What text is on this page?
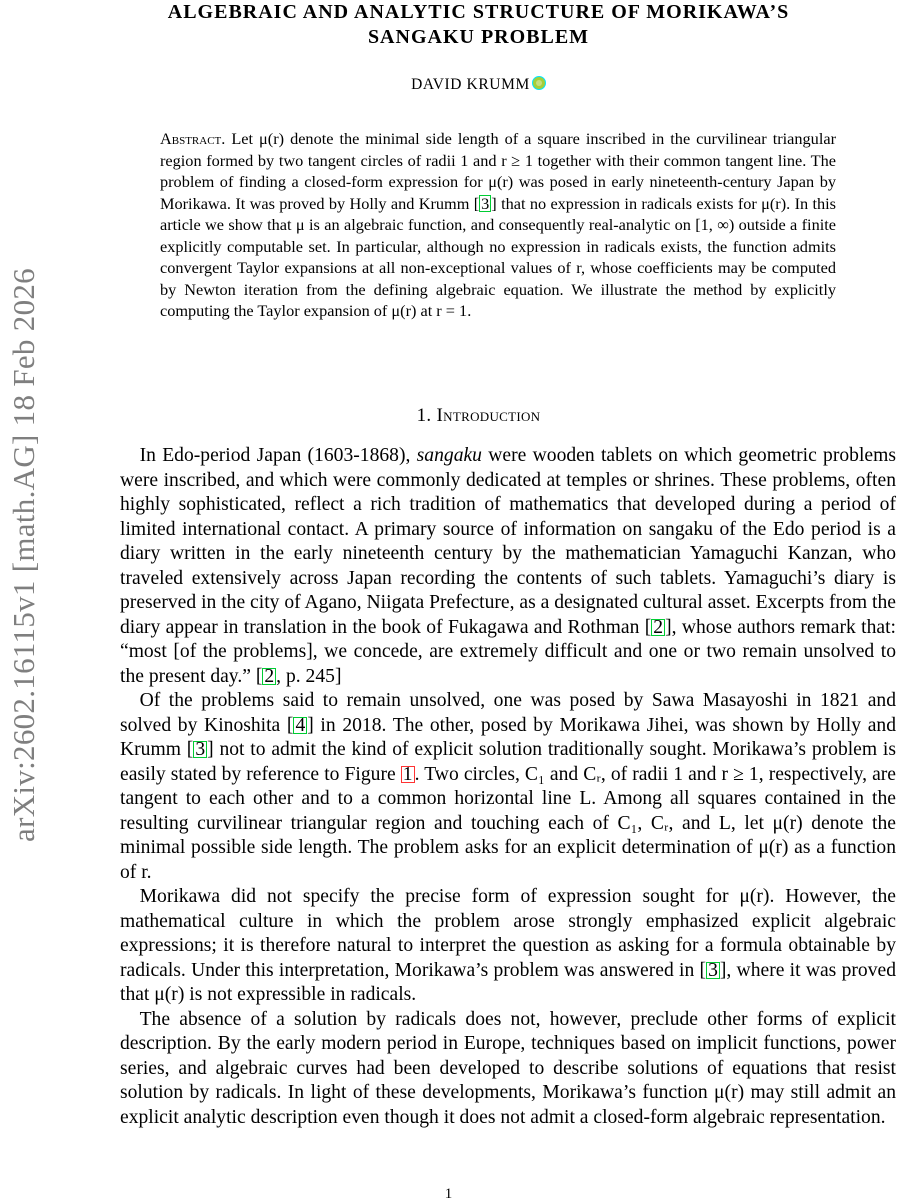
arXiv:2602.16115v1 [math.AG] 18 Feb 2026
ALGEBRAIC AND ANALYTIC STRUCTURE OF MORIKAWA’S
SANGAKU PROBLEM
DAVID KRUMM

Abstract. Let μ(r) denote the minimal side length of a square inscribed in the curvilinear triangular region formed by two tangent circles of radii 1 and r ≥ 1 together with their common tangent line. The problem of finding a closed-form expression for μ(r) was posed in early nineteenth-century Japan by Morikawa. It was proved by Holly and Krumm [ 3 ] that no expression in radicals exists for μ(r). In this article we show that μ is an algebraic function, and consequently real-analytic on [1, ∞) outside a finite explicitly computable set. In particular, although no expression in radicals exists, the function admits convergent Taylor expansions at all non-exceptional values of r, whose coefficients may be computed by Newton iteration from the defining algebraic equation. We illustrate the method by explicitly computing the Taylor expansion of μ(r) at r = 1.

1. Introduction

 In Edo-period Japan (1603-1868), sangaku were wooden tablets on which geometric problems were inscribed, and which were commonly dedicated at temples or shrines. These problems, often highly sophisticated, reflect a rich tradition of mathematics that developed during a period of limited international contact. A primary source of information on sangaku of the Edo period is a diary written in the early nineteenth century by the mathematician Yamaguchi Kanzan, who traveled extensively across Japan recording the contents of such tablets. Yamaguchi’s diary is preserved in the city of Agano, Niigata Prefecture, as a designated cultural asset. Excerpts from the diary appear in translation in the book of Fukagawa and Rothman [ 2 ], whose authors remark that: “most [of the problems], we concede, are extremely difficult and one or two remain unsolved to the present day.” [ 2 , p. 245]

 Of the problems said to remain unsolved, one was posed by Sawa Masayoshi in 1821 and solved by Kinoshita [ 4 ] in 2018. The other, posed by Morikawa Jihei, was shown by Holly and Krumm [ 3 ] not to admit the kind of explicit solution traditionally sought. Morikawa’s problem is easily stated by reference to Figure 1 . Two circles, C₁ and Cᵣ, of radii 1 and r ≥ 1, respectively, are tangent to each other and to a common horizontal line L. Among all squares contained in the resulting curvilinear triangular region and touching each of C₁, Cᵣ, and L, let μ(r) denote the minimal possible side length. The problem asks for an explicit determination of μ(r) as a function of r.

 Morikawa did not specify the precise form of expression sought for μ(r). However, the mathematical culture in which the problem arose strongly emphasized explicit algebraic expressions; it is therefore natural to interpret the question as asking for a formula obtainable by radicals. Under this interpretation, Morikawa’s problem was answered in [ 3 ], where it was proved that μ(r) is not expressible in radicals.

 The absence of a solution by radicals does not, however, preclude other forms of explicit description. By the early modern period in Europe, techniques based on implicit functions, power series, and algebraic curves had been developed to describe solutions of equations that resist solution by radicals. In light of these developments, Morikawa’s function μ(r) may still admit an explicit analytic description even though it does not admit a closed-form algebraic representation.

1
